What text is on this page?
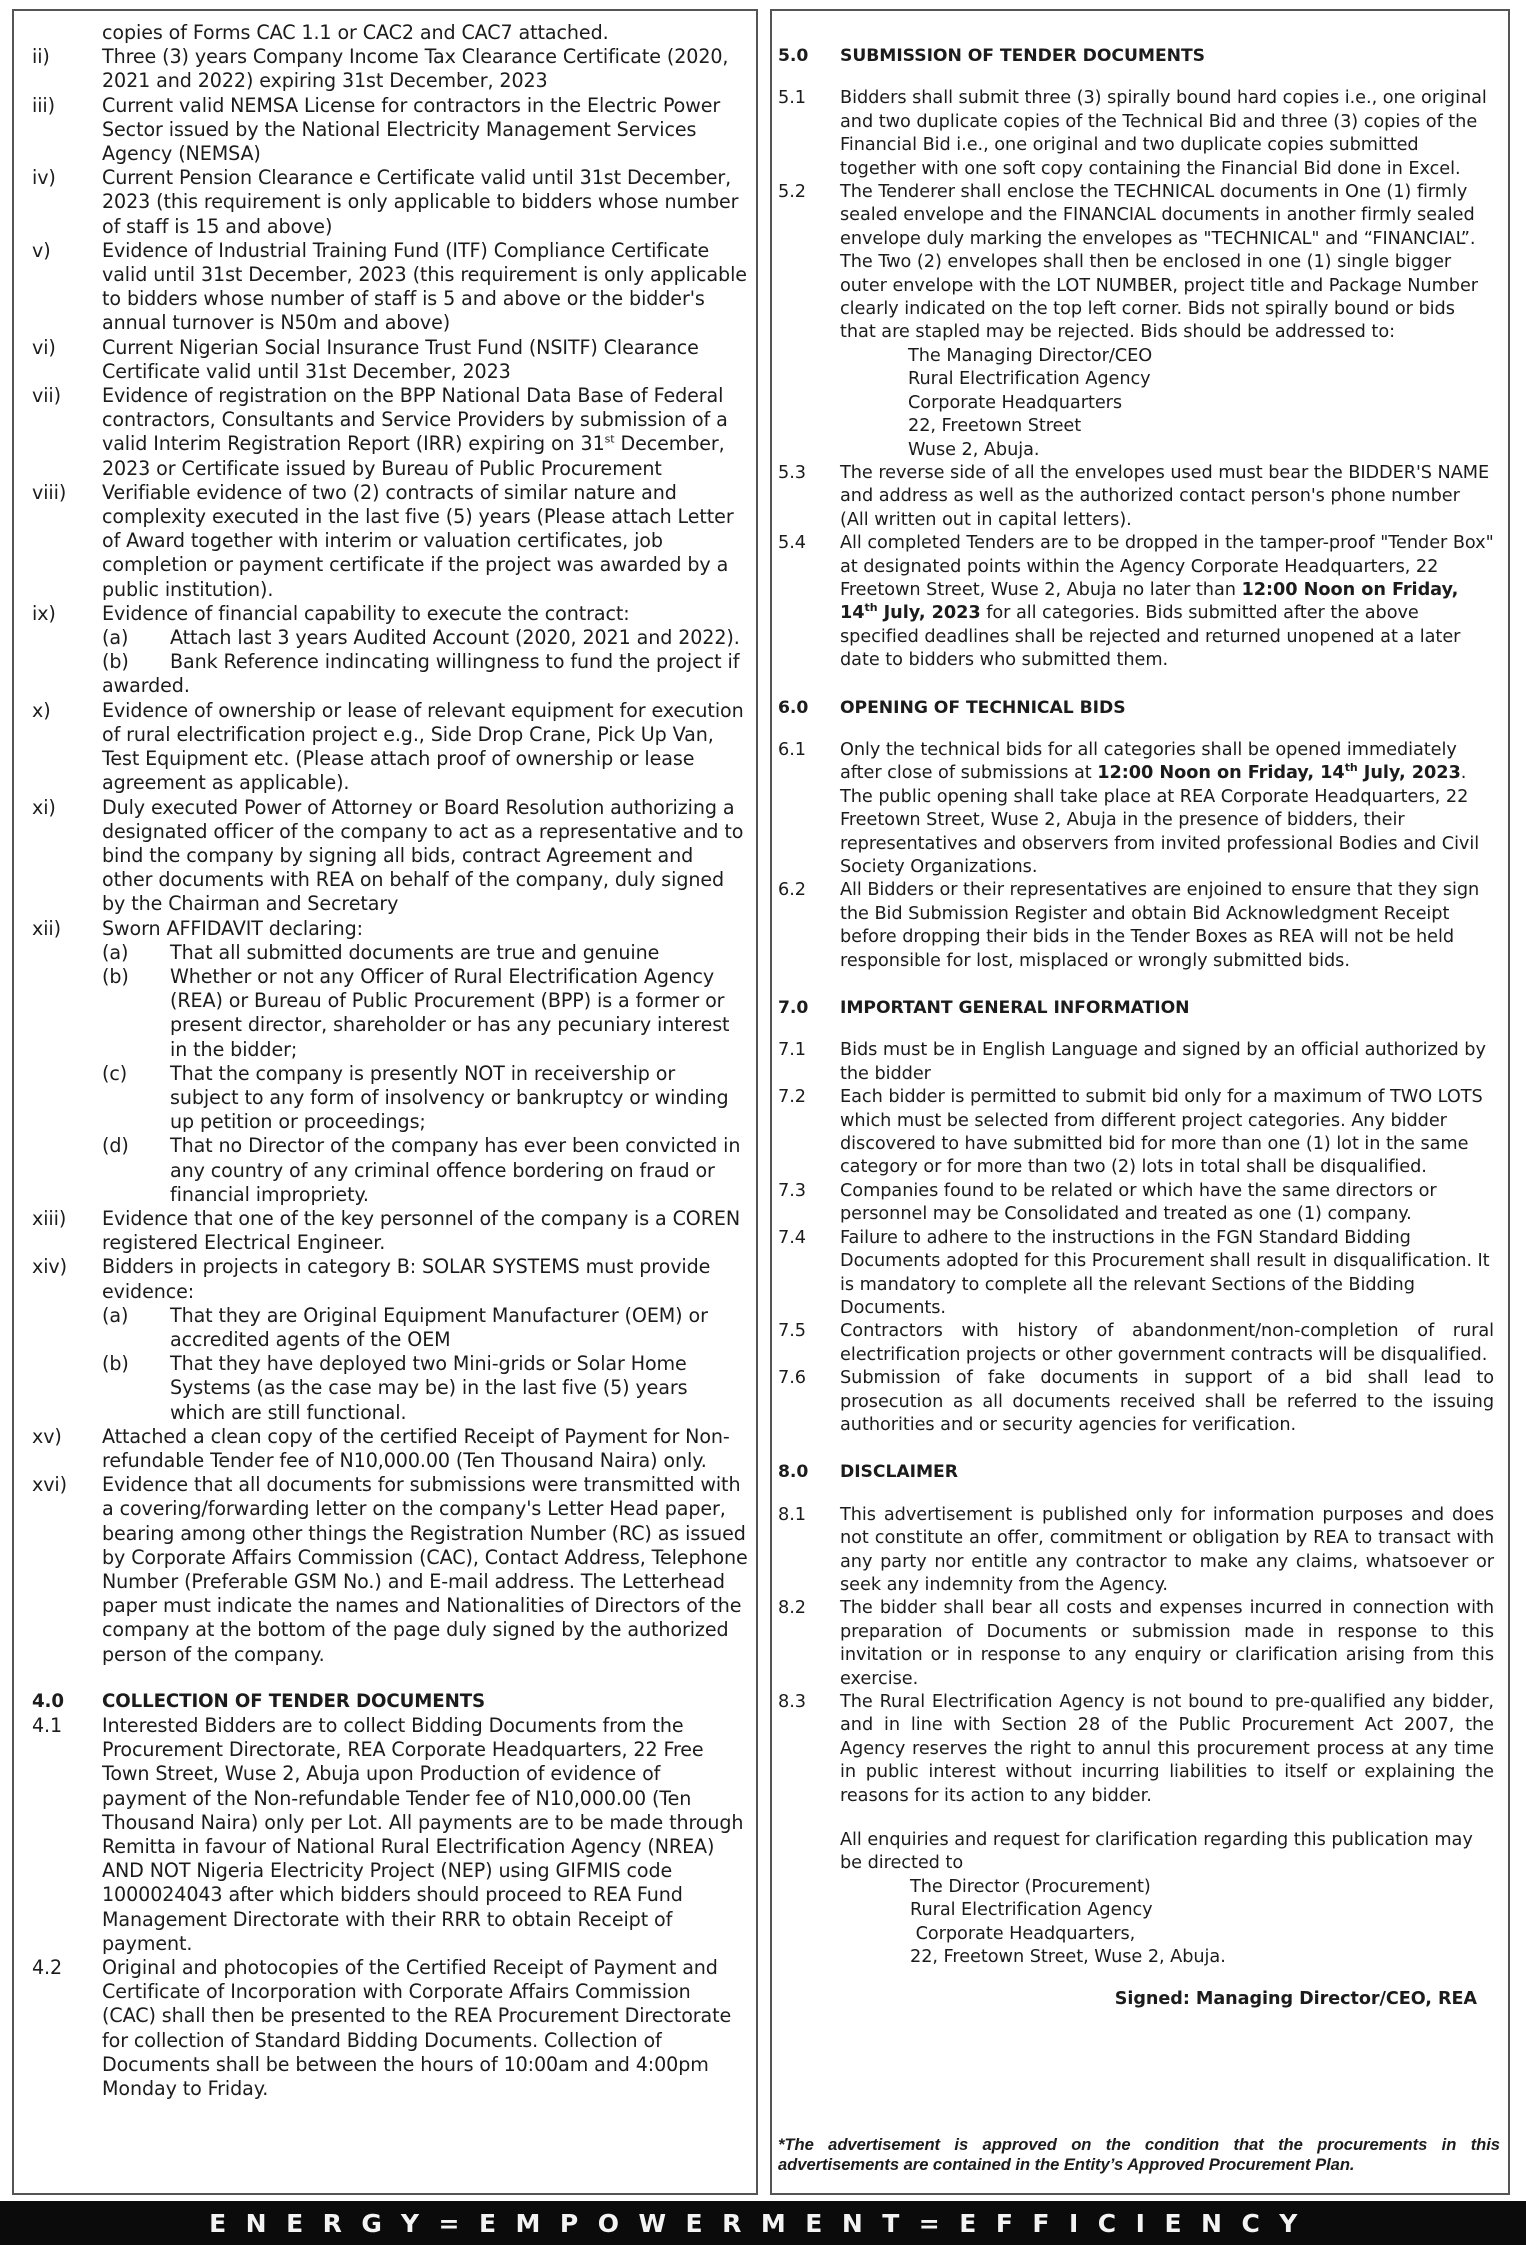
copies of Forms CAC 1.1 or CAC2 and CAC7 attached.
ii)	Three (3) years Company Income Tax Clearance Certificate (2020, 2021 and 2022) expiring 31st December, 2023
iii)	Current valid NEMSA License for contractors in the Electric Power Sector issued by the National Electricity Management Services Agency (NEMSA)
iv)	Current Pension Clearance e Certificate valid until 31st December, 2023 (this requirement is only applicable to bidders whose number of staff is 15 and above)
v)	Evidence of Industrial Training Fund (ITF) Compliance Certificate valid until 31st December, 2023 (this requirement is only applicable to bidders whose number of staff is 5 and above or the bidder's annual turnover is N50m and above)
vi)	Current Nigerian Social Insurance Trust Fund (NSITF) Clearance Certificate valid until 31st December, 2023
vii)	Evidence of registration on the BPP National Data Base of Federal contractors, Consultants and Service Providers by submission of a valid Interim Registration Report (IRR) expiring on 31st December, 2023 or Certificate issued by Bureau of Public Procurement
viii)	Verifiable evidence of two (2) contracts of similar nature and complexity executed in the last five (5) years (Please attach Letter of Award together with interim or valuation certificates, job completion or payment certificate if the project was awarded by a public institution).
ix)	Evidence of financial capability to execute the contract:
(a)	Attach last 3 years Audited Account (2020, 2021 and 2022).
(b)	Bank Reference indincating willingness to fund the project if
awarded.
x)	Evidence of ownership or lease of relevant equipment for execution of rural electrification project e.g., Side Drop Crane, Pick Up Van, Test Equipment etc. (Please attach proof of ownership or lease agreement as applicable).
xi)	Duly executed Power of Attorney or Board Resolution authorizing a designated officer of the company to act as a representative and to bind the company by signing all bids, contract Agreement and other documents with REA on behalf of the company, duly signed by the Chairman and Secretary
xii)	Sworn AFFIDAVIT declaring:
(a)	That all submitted documents are true and genuine
(b)	Whether or not any Officer of Rural Electrification Agency (REA) or Bureau of Public Procurement (BPP) is a former or present director, shareholder or has any pecuniary interest in the bidder;
(c)	That the company is presently NOT in receivership or subject to any form of insolvency or bankruptcy or winding up petition or proceedings;
(d)	That no Director of the company has ever been convicted in any country of any criminal offence bordering on fraud or financial impropriety.
xiii)	Evidence that one of the key personnel of the company is a COREN registered Electrical Engineer.
xiv)	Bidders in projects in category B: SOLAR SYSTEMS must provide evidence:
(a)	That they are Original Equipment Manufacturer (OEM) or accredited agents of the OEM
(b)	That they have deployed two Mini-grids or Solar Home Systems (as the case may be) in the last five (5) years which are still functional.
xv)	Attached a clean copy of the certified Receipt of Payment for Non-refundable Tender fee of N10,000.00 (Ten Thousand Naira) only.
xvi)	Evidence that all documents for submissions were transmitted with a covering/forwarding letter on the company's Letter Head paper, bearing among other things the Registration Number (RC) as issued by Corporate Affairs Commission (CAC), Contact Address, Telephone Number (Preferable GSM No.) and E-mail address. The Letterhead paper must indicate the names and Nationalities of Directors of the company at the bottom of the page duly signed by the authorized person of the company.
4.0	COLLECTION OF TENDER DOCUMENTS
4.1	Interested Bidders are to collect Bidding Documents from the Procurement Directorate, REA Corporate Headquarters, 22 Free Town Street, Wuse 2, Abuja upon Production of evidence of payment of the Non-refundable Tender fee of N10,000.00 (Ten Thousand Naira) only per Lot. All payments are to be made through Remitta in favour of National Rural Electrification Agency (NREA) AND NOT Nigeria Electricity Project (NEP) using GIFMIS code 1000024043 after which bidders should proceed to REA Fund Management Directorate with their RRR to obtain Receipt of payment.
4.2	Original and photocopies of the Certified Receipt of Payment and Certificate of Incorporation with Corporate Affairs Commission (CAC) shall then be presented to the REA Procurement Directorate for collection of Standard Bidding Documents. Collection of Documents shall be between the hours of 10:00am and 4:00pm Monday to Friday.
5.0	SUBMISSION OF TENDER DOCUMENTS
5.1	Bidders shall submit three (3) spirally bound hard copies i.e., one original and two duplicate copies of the Technical Bid and three (3) copies of the Financial Bid i.e., one original and two duplicate copies submitted together with one soft copy containing the Financial Bid done in Excel.
5.2	The Tenderer shall enclose the TECHNICAL documents in One (1) firmly sealed envelope and the FINANCIAL documents in another firmly sealed envelope duly marking the envelopes as "TECHNICAL" and “FINANCIAL”. The Two (2) envelopes shall then be enclosed in one (1) single bigger outer envelope with the LOT NUMBER, project title and Package Number clearly indicated on the top left corner. Bids not spirally bound or bids that are stapled may be rejected. Bids should be addressed to:
The Managing Director/CEO
Rural Electrification Agency
Corporate Headquarters
22, Freetown Street
Wuse 2, Abuja.
5.3	The reverse side of all the envelopes used must bear the BIDDER'S NAME and address as well as the authorized contact person's phone number (All written out in capital letters).
5.4	All completed Tenders are to be dropped in the tamper-proof "Tender Box" at designated points within the Agency Corporate Headquarters, 22 Freetown Street, Wuse 2, Abuja no later than 12:00 Noon on Friday, 14th July, 2023 for all categories. Bids submitted after the above specified deadlines shall be rejected and returned unopened at a later date to bidders who submitted them.
6.0	OPENING OF TECHNICAL BIDS
6.1	Only the technical bids for all categories shall be opened immediately after close of submissions at 12:00 Noon on Friday, 14th July, 2023. The public opening shall take place at REA Corporate Headquarters, 22 Freetown Street, Wuse 2, Abuja in the presence of bidders, their representatives and observers from invited professional Bodies and Civil Society Organizations.
6.2	All Bidders or their representatives are enjoined to ensure that they sign the Bid Submission Register and obtain Bid Acknowledgment Receipt before dropping their bids in the Tender Boxes as REA will not be held responsible for lost, misplaced or wrongly submitted bids.
7.0	IMPORTANT GENERAL INFORMATION
7.1	Bids must be in English Language and signed by an official authorized by the bidder
7.2	Each bidder is permitted to submit bid only for a maximum of TWO LOTS which must be selected from different project categories. Any bidder discovered to have submitted bid for more than one (1) lot in the same category or for more than two (2) lots in total shall be disqualified.
7.3	Companies found to be related or which have the same directors or personnel may be Consolidated and treated as one (1) company.
7.4	Failure to adhere to the instructions in the FGN Standard Bidding Documents adopted for this Procurement shall result in disqualification. It is mandatory to complete all the relevant Sections of the Bidding Documents.
7.5	Contractors with history of abandonment/non-completion of rural electrification projects or other government contracts will be disqualified.
7.6	Submission of fake documents in support of a bid shall lead to prosecution as all documents received shall be referred to the issuing authorities and or security agencies for verification.
8.0	DISCLAIMER
8.1	This advertisement is published only for information purposes and does not constitute an offer, commitment or obligation by REA to transact with any party nor entitle any contractor to make any claims, whatsoever or seek any indemnity from the Agency.
8.2	The bidder shall bear all costs and expenses incurred in connection with preparation of Documents or submission made in response to this invitation or in response to any enquiry or clarification arising from this exercise.
8.3	The Rural Electrification Agency is not bound to pre-qualified any bidder, and in line with Section 28 of the Public Procurement Act 2007, the Agency reserves the right to annul this procurement process at any time in public interest without incurring liabilities to itself or explaining the reasons for its action to any bidder.
All enquiries and request for clarification regarding this publication may be directed to
The Director (Procurement)
Rural Electrification Agency
Corporate Headquarters,
22, Freetown Street, Wuse 2, Abuja.
Signed: Managing Director/CEO, REA
*The advertisement is approved on the condition that the procurements in this advertisements are contained in the Entity’s Approved Procurement Plan.
ENERGY=EMPOWERMENT=EFFICIENCY
